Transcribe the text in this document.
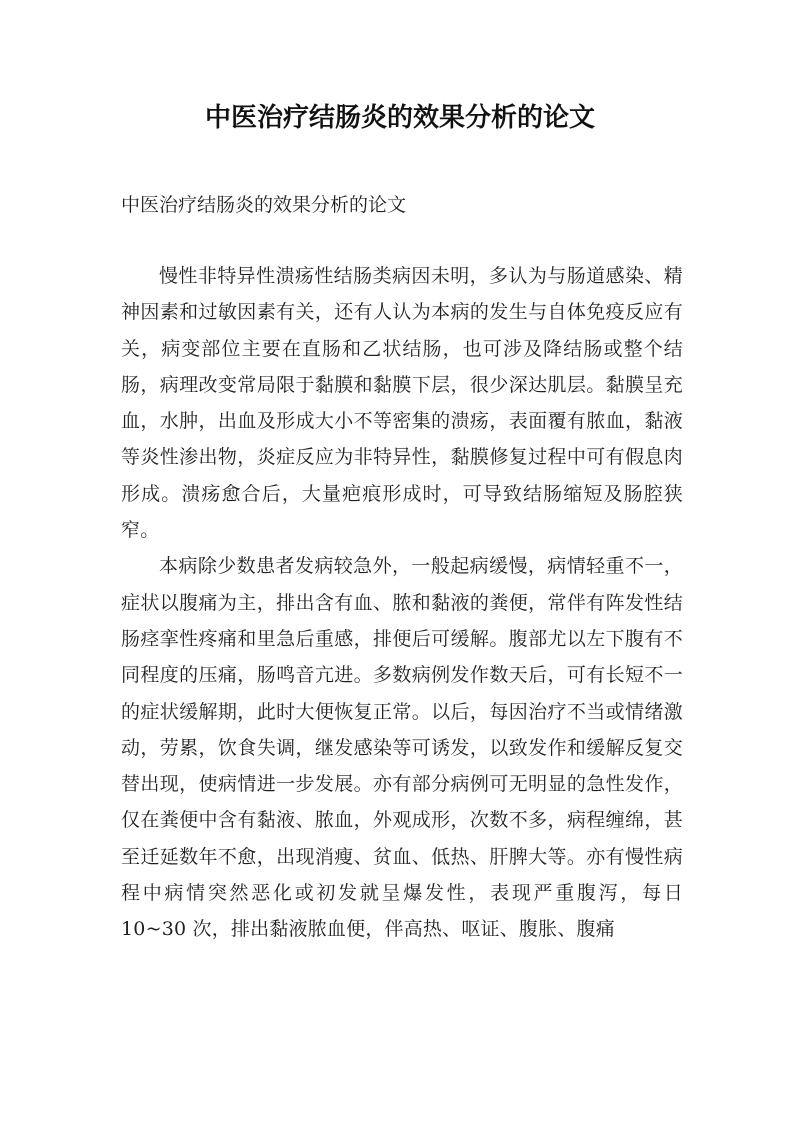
中医治疗结肠炎的效果分析的论文

中医治疗结肠炎的效果分析的论文

慢性非特异性溃疡性结肠类病因未明，多认为与肠道感染、精神因素和过敏因素有关，还有人认为本病的发生与自体免疫反应有关，病变部位主要在直肠和乙状结肠，也可涉及降结肠或整个结肠，病理改变常局限于黏膜和黏膜下层，很少深达肌层。黏膜呈充血，水肿，出血及形成大小不等密集的溃疡，表面覆有脓血，黏液等炎性渗出物，炎症反应为非特异性，黏膜修复过程中可有假息肉形成。溃疡愈合后，大量疤痕形成时，可导致结肠缩短及肠腔狭窄。

本病除少数患者发病较急外，一般起病缓慢，病情轻重不一，症状以腹痛为主，排出含有血、脓和黏液的粪便，常伴有阵发性结肠痉挛性疼痛和里急后重感，排便后可缓解。腹部尤以左下腹有不同程度的压痛，肠鸣音亢进。多数病例发作数天后，可有长短不一的症状缓解期，此时大便恢复正常。以后，每因治疗不当或情绪激动，劳累，饮食失调，继发感染等可诱发，以致发作和缓解反复交替出现，使病情进一步发展。亦有部分病例可无明显的急性发作，仅在粪便中含有黏液、脓血，外观成形，次数不多，病程缠绵，甚至迁延数年不愈，出现消瘦、贫血、低热、肝脾大等。亦有慢性病程中病情突然恶化或初发就呈爆发性，表现严重腹泻，每日 10~30 次，排出黏液脓血便，伴高热、呕证、腹胀、腹痛
